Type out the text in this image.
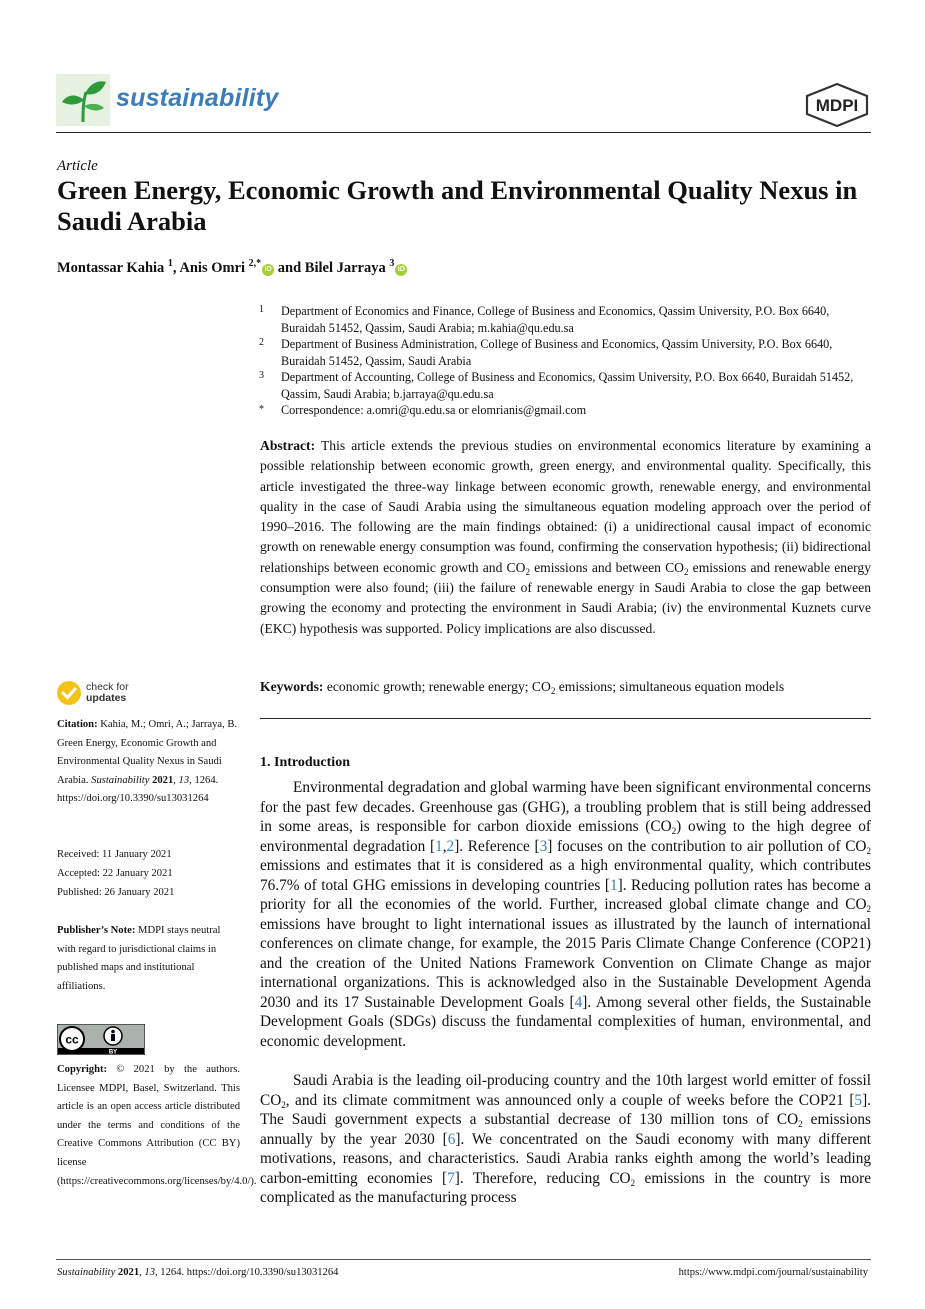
sustainability	MDPI
Article
Green Energy, Economic Growth and Environmental Quality Nexus in Saudi Arabia
Montassar Kahia $^1$, Anis Omri $^{2,*}$iD and Bilel Jarraya $^3$iD
1 Department of Economics and Finance, College of Business and Economics, Qassim University, P.O. Box 6640, Buraidah 51452, Qassim, Saudi Arabia; m.kahia@qu.edu.sa
2 Department of Business Administration, College of Business and Economics, Qassim University, P.O. Box 6640, Buraidah 51452, Qassim, Saudi Arabia
3 Department of Accounting, College of Business and Economics, Qassim University, P.O. Box 6640, Buraidah 51452, Qassim, Saudi Arabia; b.jarraya@qu.edu.sa
* Correspondence: a.omri@qu.edu.sa or elomrianis@gmail.com
Abstract: This article extends the previous studies on environmental economics literature by examining a possible relationship between economic growth, green energy, and environmental quality. Specifically, this article investigated the three-way linkage between economic growth, renewable energy, and environmental quality in the case of Saudi Arabia using the simultaneous equation modeling approach over the period of 1990–2016. The following are the main findings obtained: (i) a unidirectional causal impact of economic growth on renewable energy consumption was found, confirming the conservation hypothesis; (ii) bidirectional relationships between economic growth and $CO_2$ emissions and between $CO_2$ emissions and renewable energy consumption were also found; (iii) the failure of renewable energy in Saudi Arabia to close the gap between growing the economy and protecting the environment in Saudi Arabia; (iv) the environmental Kuznets curve (EKC) hypothesis was supported. Policy implications are also discussed.
Keywords: economic growth; renewable energy; $CO_2$ emissions; simultaneous equation models
check for
updates
Citation: Kahia, M.; Omri, A.; Jarraya, B. Green Energy, Economic Growth and Environmental Quality Nexus in Saudi Arabia. Sustainability 2021, 13, 1264. https://doi.org/10.3390/su13031264
Received: 11 January 2021
Accepted: 22 January 2021
Published: 26 January 2021
Publisher’s Note: MDPI stays neutral with regard to jurisdictional claims in published maps and institutional affiliations.
cc
BY
Copyright: © 2021 by the authors. Licensee MDPI, Basel, Switzerland. This article is an open access article distributed under the terms and conditions of the Creative Commons Attribution (CC BY) license (https://creativecommons.org/licenses/by/4.0/).
1. Introduction
Environmental degradation and global warming have been significant environmental concerns for the past few decades. Greenhouse gas (GHG), a troubling problem that is still being addressed in some areas, is responsible for carbon dioxide emissions $(CO_2)$ owing to the high degree of environmental degradation [1,2]. Reference [3] focuses on the contribution to air pollution of $CO_2$ emissions and estimates that it is considered as a high environmental quality, which contributes 76.7% of total GHG emissions in developing countries [1]. Reducing pollution rates has become a priority for all the economies of the world. Further, increased global climate change and $CO_2$ emissions have brought to light international issues as illustrated by the launch of international conferences on climate change, for example, the 2015 Paris Climate Change Conference (COP21) and the creation of the United Nations Framework Convention on Climate Change as major international organizations. This is acknowledged also in the Sustainable Development Agenda 2030 and its 17 Sustainable Development Goals [4]. Among several other fields, the Sustainable Development Goals (SDGs) discuss the fundamental complexities of human, environmental, and economic development.
Saudi Arabia is the leading oil-producing country and the 10th largest world emitter of fossil $CO_2$, and its climate commitment was announced only a couple of weeks before the COP21 [5]. The Saudi government expects a substantial decrease of 130 million tons of $CO_2$ emissions annually by the year 2030 [6]. We concentrated on the Saudi economy with many different motivations, reasons, and characteristics. Saudi Arabia ranks eighth among the world’s leading carbon-emitting economies [7]. Therefore, reducing $CO_2$ emissions in the country is more complicated as the manufacturing process
Sustainability 2021, 13, 1264. https://doi.org/10.3390/su13031264	https://www.mdpi.com/journal/sustainability
